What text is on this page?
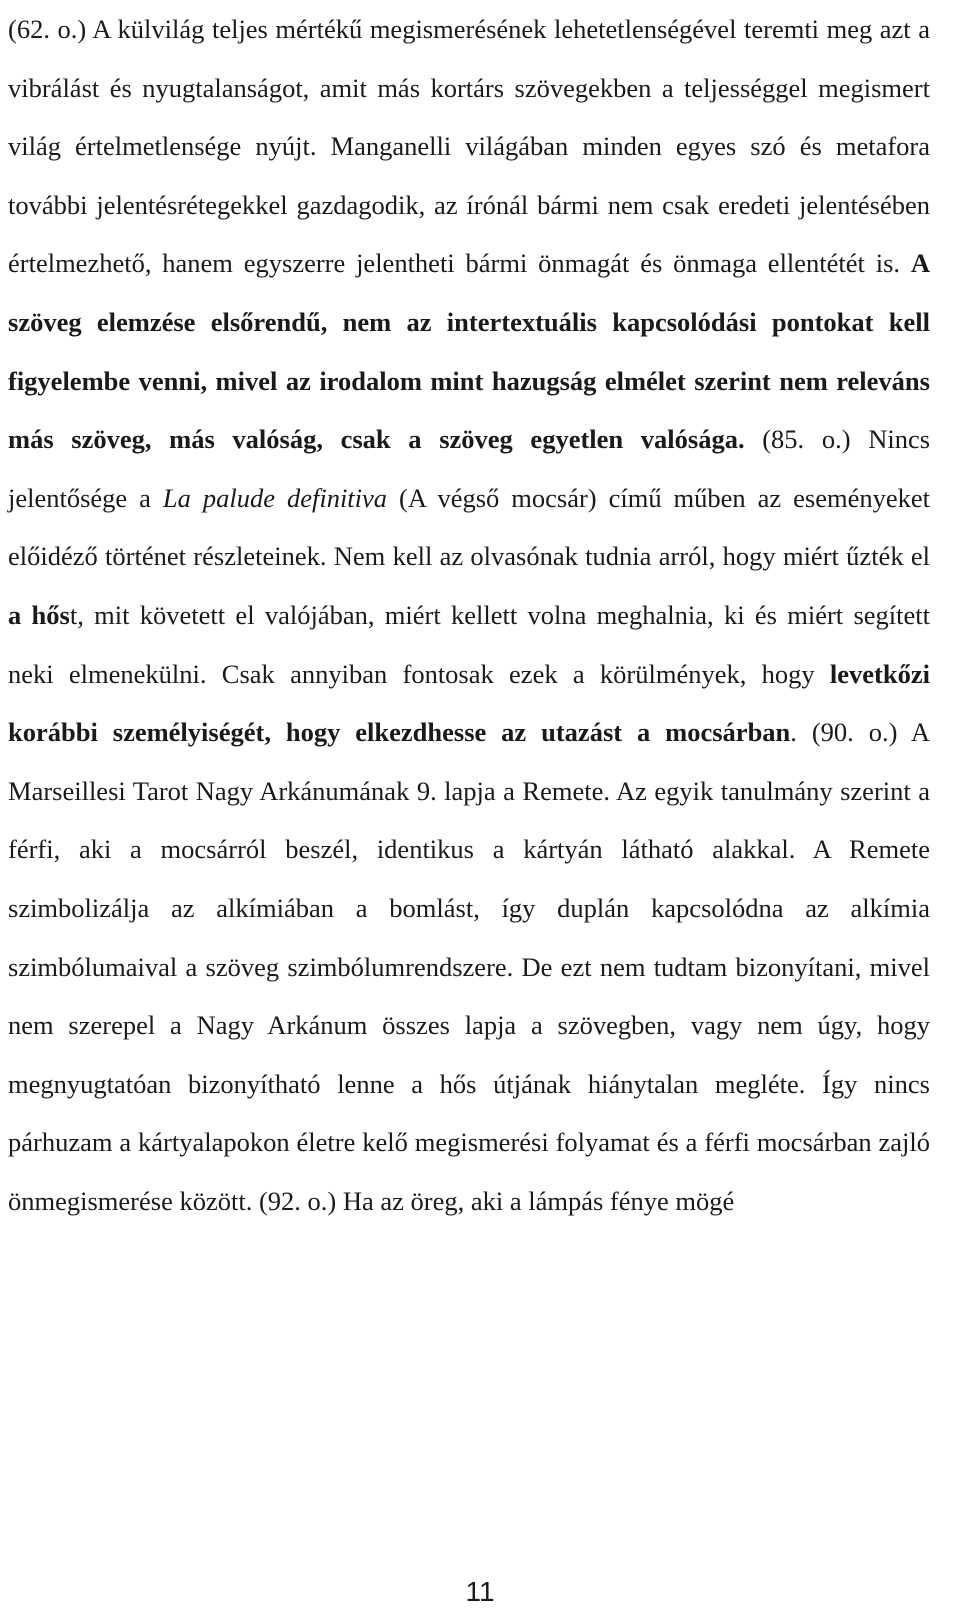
(62. o.) A külvilág teljes mértékű megismerésének lehetetlenségével teremti meg azt a vibrálást és nyugtalanságot, amit más kortárs szövegekben a teljességgel megismert világ értelmetlensége nyújt. Manganelli világában minden egyes szó és metafora további jelentésrétegekkel gazdagodik, az írónál bármi nem csak eredeti jelentésében értelmezhető, hanem egyszerre jelentheti bármi önmagát és önmaga ellentétét is. A szöveg elemzése elsőrendű, nem az intertextuális kapcsolódási pontokat kell figyelembe venni, mivel az irodalom mint hazugság elmélet szerint nem releváns más szöveg, más valóság, csak a szöveg egyetlen valósága. (85. o.) Nincs jelentősége a La palude definitiva (A végső mocsár) című műben az eseményeket előidéző történet részleteinek. Nem kell az olvasónak tudnia arról, hogy miért űzték el a hőst, mit követett el valójában, miért kellett volna meghalnia, ki és miért segített neki elmenekülni. Csak annyiban fontosak ezek a körülmények, hogy levetkőzi korábbi személyiségét, hogy elkezdhesse az utazást a mocsárban. (90. o.) A Marseillesi Tarot Nagy Arkánumának 9. lapja a Remete. Az egyik tanulmány szerint a férfi, aki a mocsárról beszél, identikus a kártyán látható alakkal. A Remete szimbolizálja az alkímiában a bomlást, így duplán kapcsolódna az alkímia szimbólumaival a szöveg szimbólumrendszere. De ezt nem tudtam bizonyítani, mivel nem szerepel a Nagy Arkánum összes lapja a szövegben, vagy nem úgy, hogy megnyugtatóan bizonyítható lenne a hős útjának hiánytalan megléte. Így nincs párhuzam a kártyalapokon életre kelő megismerési folyamat és a férfi mocsárban zajló önmegismerése között. (92. o.) Ha az öreg, aki a lámpás fénye mögé

11
